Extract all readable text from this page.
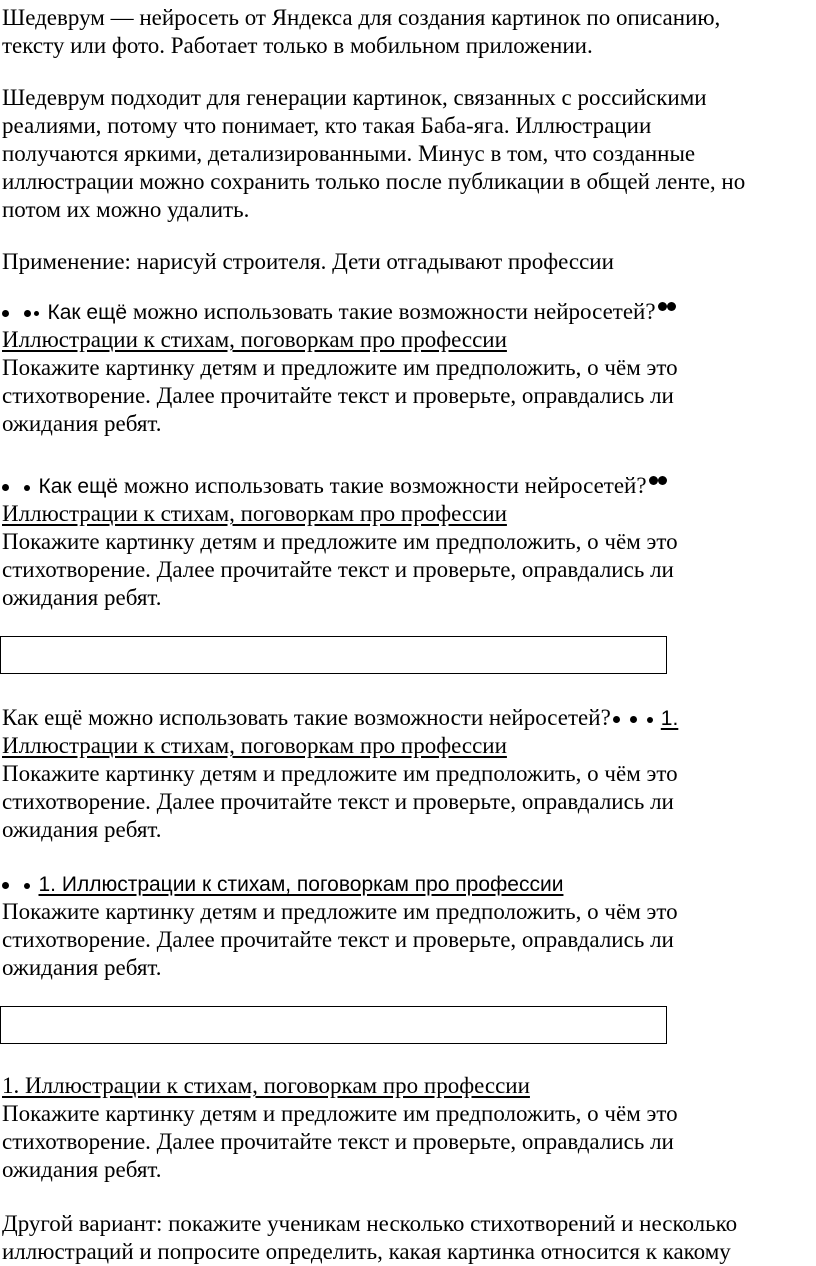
Шедеврум — нейросеть от Яндекса для создания картинок по описанию,
тексту или фото. Работает только в мобильном приложении.
Шедеврум подходит для генерации картинок, связанных с российскими
реалиями, потому что понимает, кто такая Баба-яга. Иллюстрации
получаются яркими, детализированными. Минус в том, что созданные
иллюстрации можно сохранить только после публикации в общей ленте, но
потом их можно удалить.
Применение: нарисуй строителя. Дети отгадывают профессии
Как ещё можно использовать такие возможности нейросетей?
Иллюстрации к стихам, поговоркам про профессии
Покажите картинку детям и предложите им предположить, о чём это
стихотворение. Далее прочитайте текст и проверьте, оправдались ли
ожидания ребят.
Как ещё можно использовать такие возможности нейросетей?
Иллюстрации к стихам, поговоркам про профессии
Покажите картинку детям и предложите им предположить, о чём это
стихотворение. Далее прочитайте текст и проверьте, оправдались ли
ожидания ребят.
Как ещё можно использовать такие возможности нейросетей? 1.
Иллюстрации к стихам, поговоркам про профессии
Покажите картинку детям и предложите им предположить, о чём это
стихотворение. Далее прочитайте текст и проверьте, оправдались ли
ожидания ребят.
1. Иллюстрации к стихам, поговоркам про профессии
Покажите картинку детям и предложите им предположить, о чём это
стихотворение. Далее прочитайте текст и проверьте, оправдались ли
ожидания ребят.
1. Иллюстрации к стихам, поговоркам про профессии
Покажите картинку детям и предложите им предположить, о чём это
стихотворение. Далее прочитайте текст и проверьте, оправдались ли
ожидания ребят.
Другой вариант: покажите ученикам несколько стихотворений и несколько
иллюстраций и попросите определить, какая картинка относится к какому
